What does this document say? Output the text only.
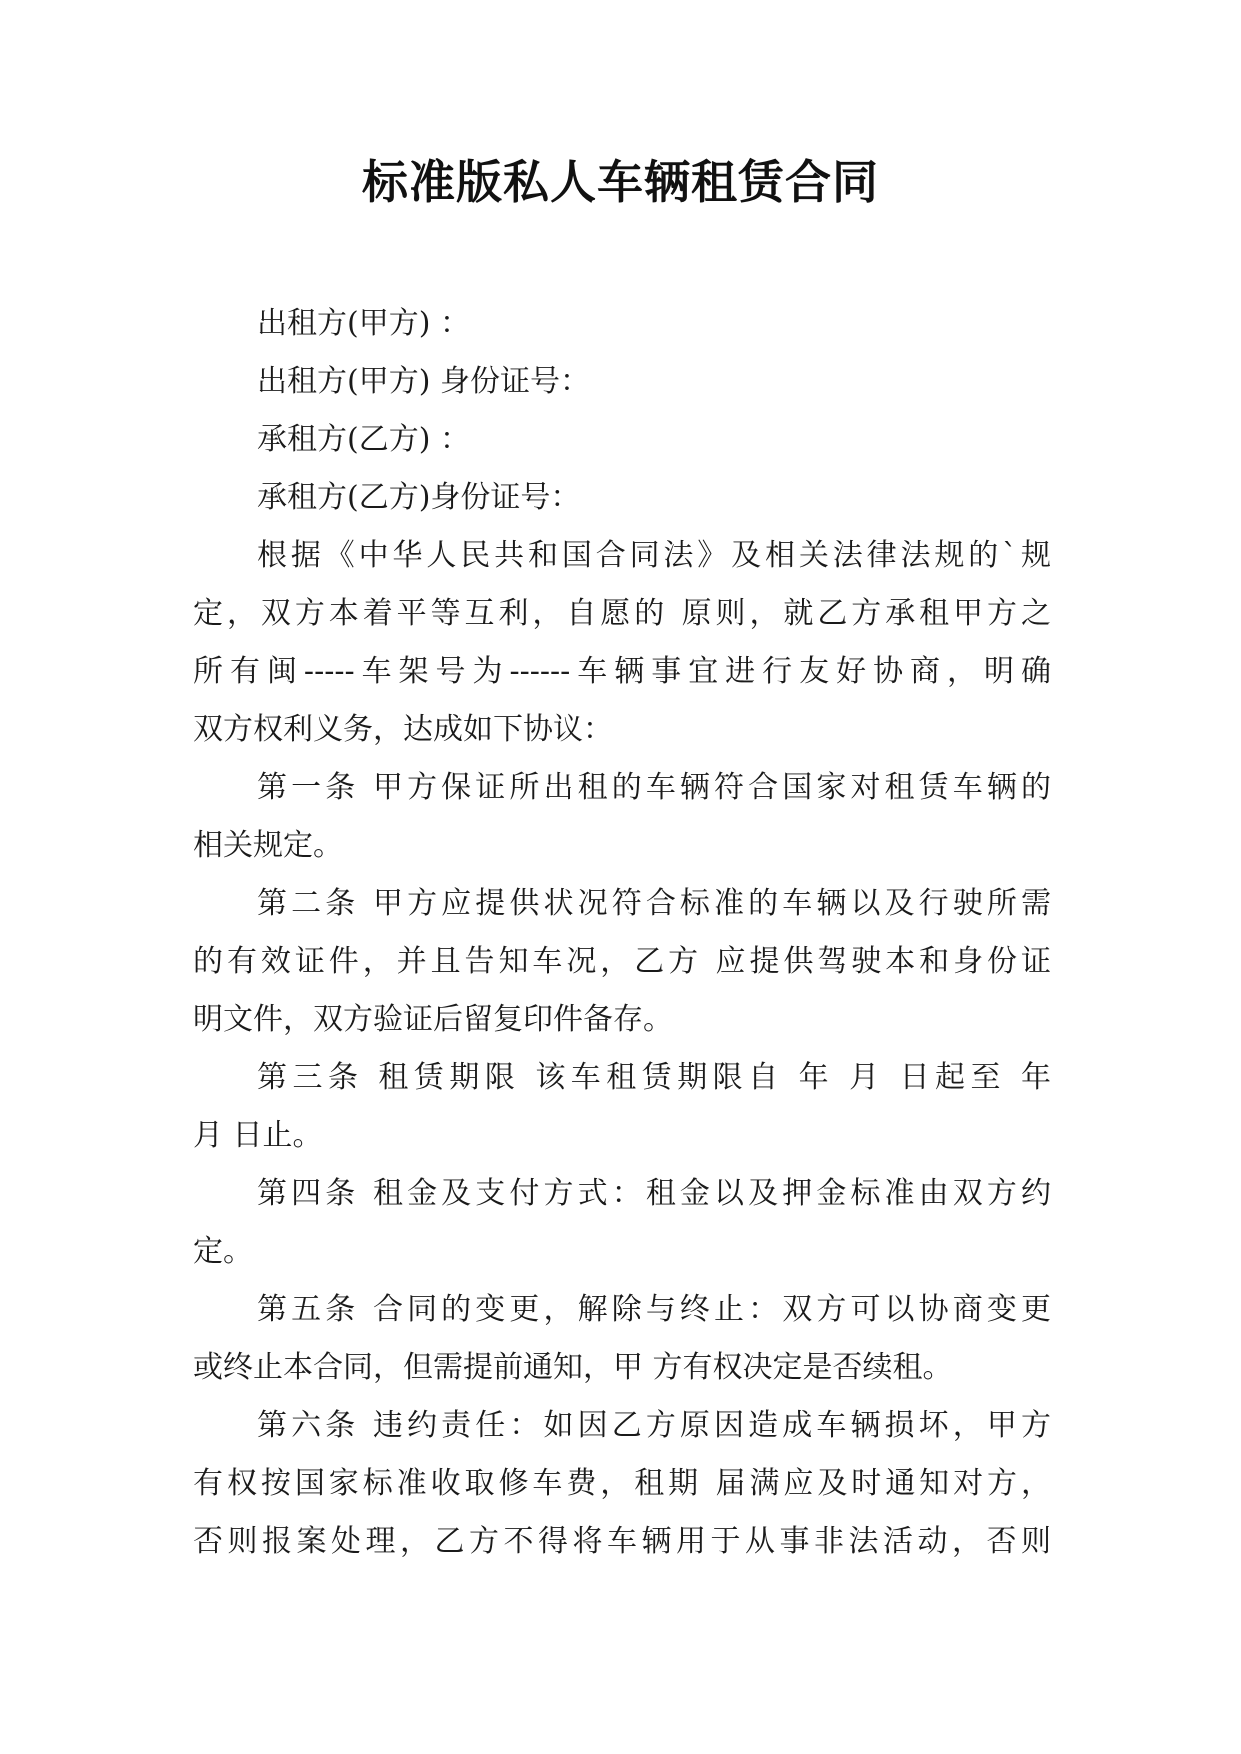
标准版私人车辆租赁合同

出租方(甲方) ：

出租方(甲方) 身份证号：

承租方(乙方) ：

承租方(乙方)身份证号：

根据《中华人民共和国合同法》及相关法律法规的`规

定，双方本着平等互利，自愿的 原则，就乙方承租甲方之

所有闽-----车架号为------车辆事宜进行友好协商，明确

双方权利义务，达成如下协议：

第一条 甲方保证所出租的车辆符合国家对租赁车辆的

相关规定。

第二条 甲方应提供状况符合标准的车辆以及行驶所需

的有效证件，并且告知车况，乙方 应提供驾驶本和身份证

明文件，双方验证后留复印件备存。

第三条 租赁期限 该车租赁期限自 年 月 日起至 年

月 日止。

第四条 租金及支付方式：租金以及押金标准由双方约

定。

第五条 合同的变更，解除与终止：双方可以协商变更

或终止本合同，但需提前通知，甲 方有权决定是否续租。

第六条 违约责任：如因乙方原因造成车辆损坏，甲方

有权按国家标准收取修车费，租期 届满应及时通知对方，

否则报案处理，乙方不得将车辆用于从事非法活动，否则
